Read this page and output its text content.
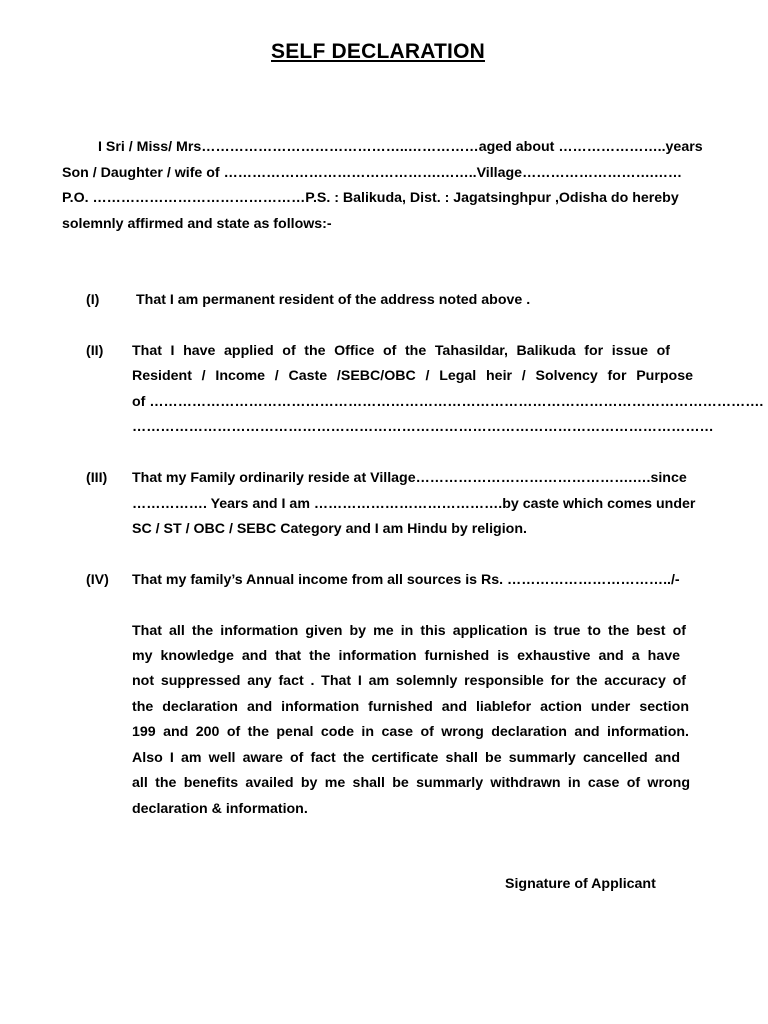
SELF DECLARATION
I Sri / Miss/ Mrs……………………………………..……………aged about …………………..years
Son / Daughter / wife of ……………………………………….……..Village……………………….……
P.O. ………………………………………P.S. : Balikuda, Dist. : Jagatsinghpur ,Odisha do hereby
solemnly affirmed and state as follows:-
(I)	That I am permanent resident of the address noted above .
(II) That I have applied of the Office of the Tahasildar, Balikuda for issue of
Resident / Income / Caste /SEBC/OBC / Legal heir / Solvency for Purpose
of ………………………………………………………………………………………………………………….
……………………………………………………………………………………………………………
(III) That my Family ordinarily reside at Village……………………………………….….since
……………. Years and I am ………………………………….by caste which comes under
SC / ST / OBC / SEBC Category and I am Hindu by religion.
(IV) That my family’s Annual income from all sources is Rs. ……………………………../-
That all the information given by me in this application is true to the best of
my knowledge and that the information furnished is exhaustive and a have
not suppressed any fact . That I am solemnly responsible for the accuracy of
the declaration and information furnished and liablefor action under section
199 and 200 of the penal code in case of wrong declaration and information.
Also I am well aware of fact the certificate shall be summarly cancelled and
all the benefits availed by me shall be summarly withdrawn in case of wrong
declaration & information.
Signature of Applicant
